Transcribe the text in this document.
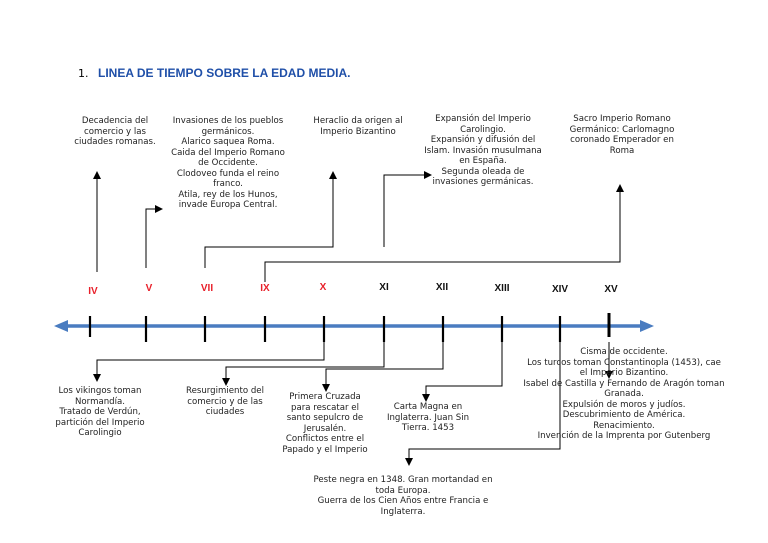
1. LINEA DE TIEMPO SOBRE LA EDAD MEDIA.
IV	V	VII	IX	X	XI	XII	XIII	XIV	XV
Decadencia del
comercio y las
ciudades romanas.
Invasiones de los pueblos
germánicos.
Alarico saquea Roma.
Caida del Imperio Romano
de Occidente.
Clodoveo funda el reino
franco.
Atila, rey de los Hunos,
invade Europa Central.
Heraclio da origen al
Imperio Bizantino
Expansión del Imperio
Carolingio.
Expansión y difusión del
Islam. Invasión musulmana
en España.
Segunda oleada de
invasiones germánicas.
Sacro Imperio Romano
Germánico: Carlomagno
coronado Emperador en
Roma
Los vikingos toman
Normandía.
Tratado de Verdún,
partición del Imperio
Carolingio
Resurgimiento del
comercio y de las
ciudades
Primera Cruzada
para rescatar el
santo sepulcro de
Jerusalén.
Conflictos entre el
Papado y el Imperio
Carta Magna en
Inglaterra. Juan Sin
Tierra. 1453
Peste negra en 1348. Gran mortandad en
toda Europa.
Guerra de los Cien Años entre Francia e
Inglaterra.
Cisma de occidente.
Los turcos toman Constantinopla (1453), cae
el Imperio Bizantino.
Isabel de Castilla y Fernando de Aragón toman
Granada.
Expulsión de moros y judíos.
Descubrimiento de América.
Renacimiento.
Invención de la Imprenta por Gutenberg
